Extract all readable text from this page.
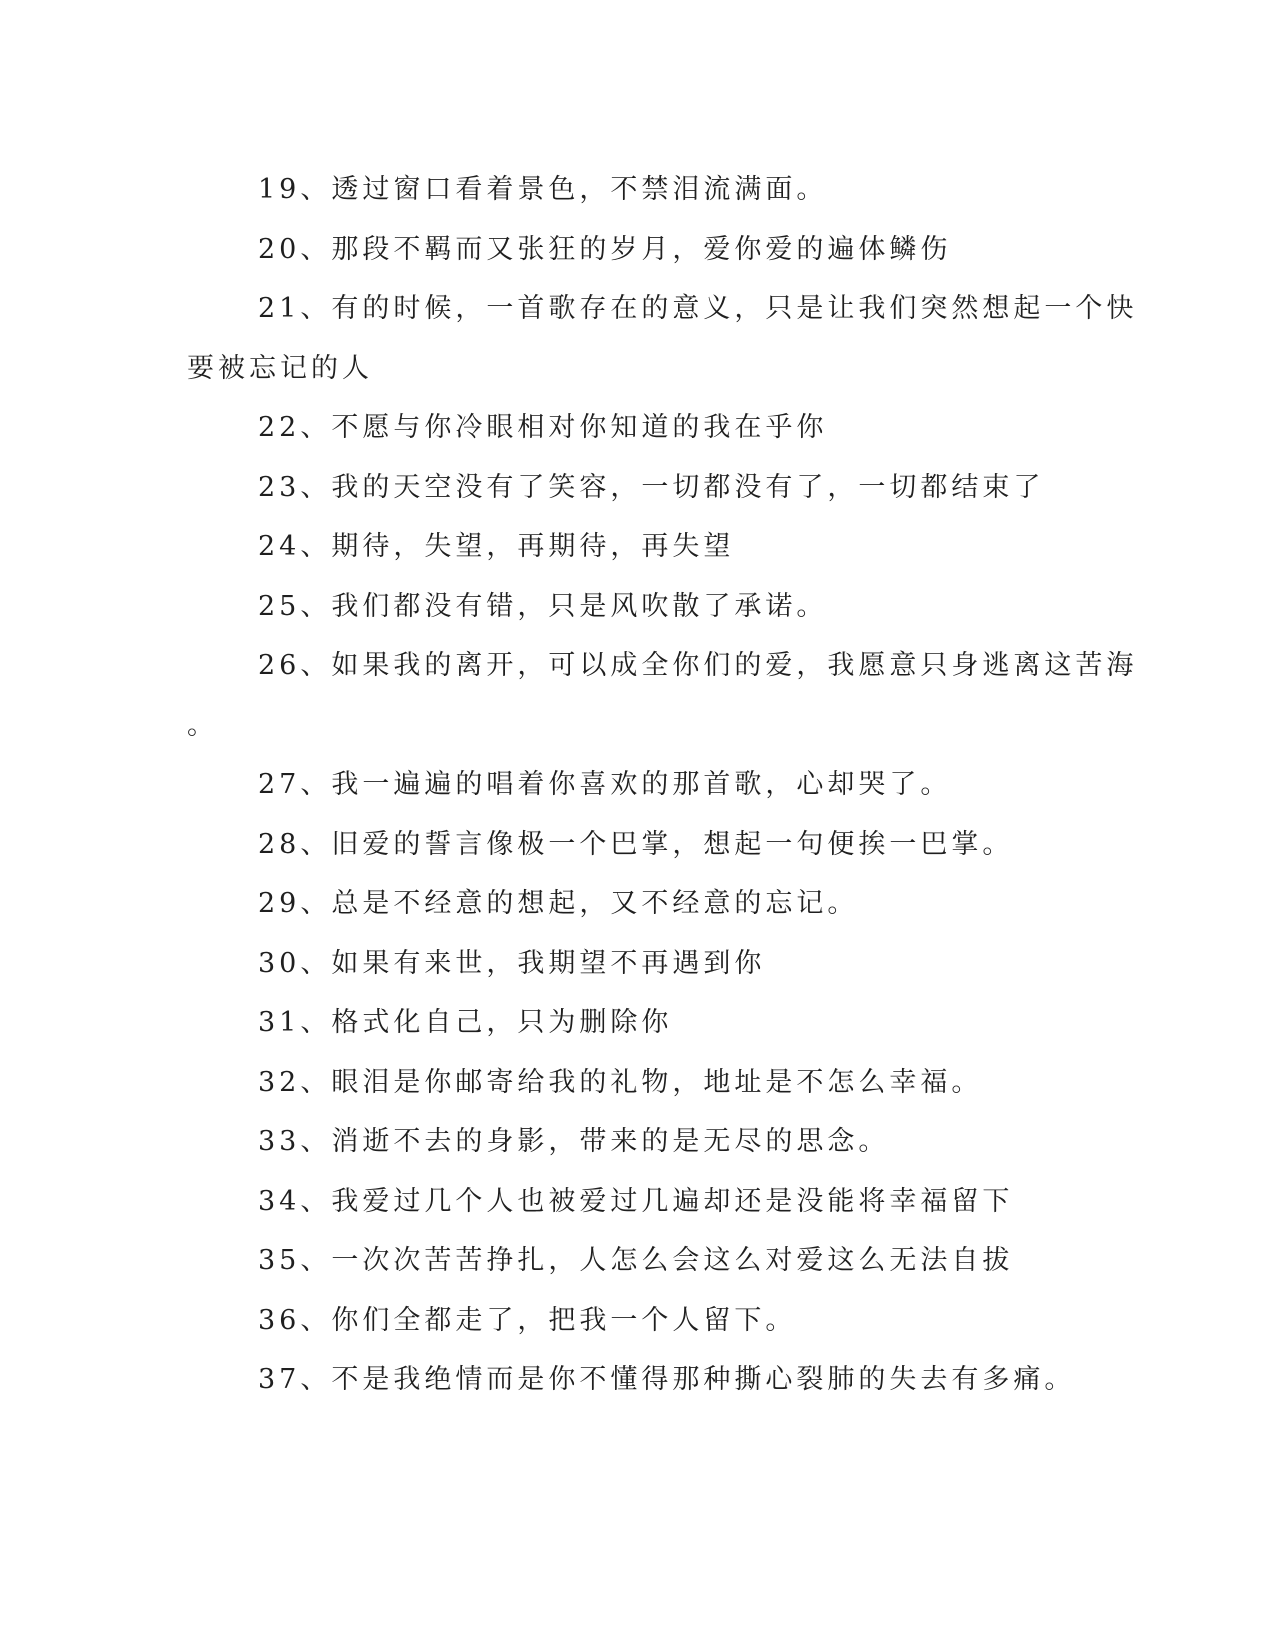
19、透过窗口看着景色，不禁泪流满面。
20、那段不羁而又张狂的岁月，爱你爱的遍体鳞伤
21、有的时候，一首歌存在的意义，只是让我们突然想起一个快
要被忘记的人
22、不愿与你冷眼相对你知道的我在乎你
23、我的天空没有了笑容，一切都没有了，一切都结束了
24、期待，失望，再期待，再失望
25、我们都没有错，只是风吹散了承诺。
26、如果我的离开，可以成全你们的爱，我愿意只身逃离这苦海
。
27、我一遍遍的唱着你喜欢的那首歌，心却哭了。
28、旧爱的誓言像极一个巴掌，想起一句便挨一巴掌。
29、总是不经意的想起，又不经意的忘记。
30、如果有来世，我期望不再遇到你
31、格式化自己，只为删除你
32、眼泪是你邮寄给我的礼物，地址是不怎么幸福。
33、消逝不去的身影，带来的是无尽的思念。
34、我爱过几个人也被爱过几遍却还是没能将幸福留下
35、一次次苦苦挣扎，人怎么会这么对爱这么无法自拔
36、你们全都走了，把我一个人留下。
37、不是我绝情而是你不懂得那种撕心裂肺的失去有多痛。
